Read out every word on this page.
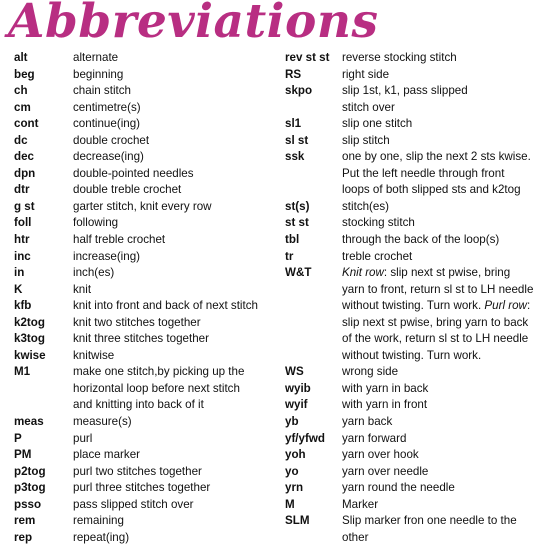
Abbreviations
alt	alternate

beg	beginning

ch	chain stitch

cm	centimetre(s)

cont	continue(ing)

dc	double crochet

dec	decrease(ing)

dpn	double-pointed needles

dtr	double treble crochet

g st	garter stitch, knit every row

foll	following

htr	half treble crochet

inc	increase(ing)

in	inch(es)

K	knit

kfb	knit into front and back of next stitch

k2tog	knit two stitches together

k3tog	knit three stitches together

kwise	knitwise

M1	make one stitch,by picking up the

horizontal loop before next stitch

and knitting into back of it

meas	measure(s)

P	purl

PM	place marker

p2tog	purl two stitches together

p3tog	purl three stitches together

psso	pass slipped stitch over

rem	remaining

rep	repeat(ing)

rev st st	reverse stocking stitch

RS	right side

skpo	slip 1st, k1, pass slipped

stitch over

sl1	slip one stitch

sl st	slip stitch

ssk	one by one, slip the next 2 sts kwise.

Put the left needle through front

loops of both slipped sts and k2tog

st(s)	stitch(es)

st st	stocking stitch

tbl	through the back of the loop(s)

tr	treble crochet

W&T	Knit row: slip next st pwise, bring

yarn to front, return sl st to LH needle

without twisting. Turn work. Purl row:

slip next st pwise, bring yarn to back

of the work, return sl st to LH needle

without twisting. Turn work.

WS	wrong side

wyib	with yarn in back

wyif	with yarn in front

yb	yarn back

yf/yfwd	yarn forward

yoh	yarn over hook

yo	yarn over needle

yrn	yarn round the needle

M	Marker

SLM	Slip marker fron one needle to the

other
